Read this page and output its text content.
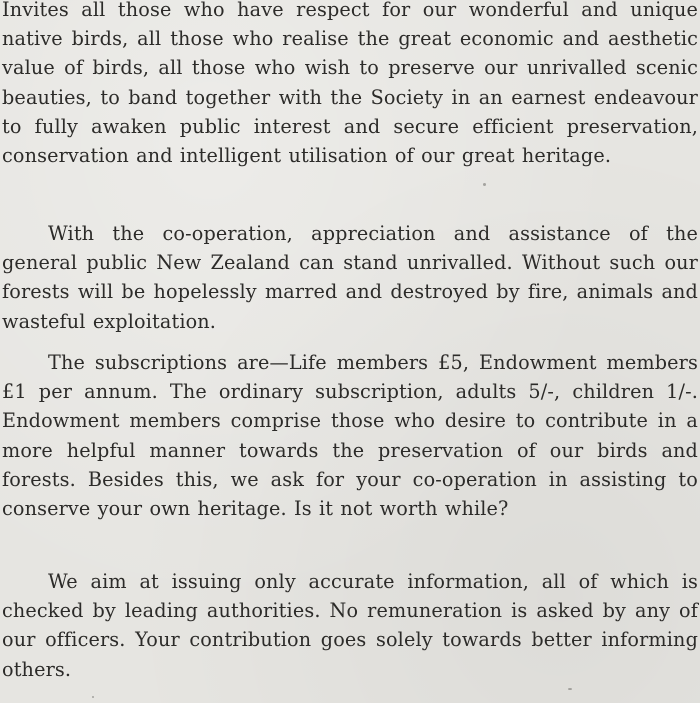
Invites all those who have respect for our wonderful and unique native birds, all those who realise the great economic and aesthetic value of birds, all those who wish to preserve our unrivalled scenic beauties, to band together with the Society in an earnest endeavour to fully awaken public interest and secure efficient preservation, conservation and intelligent utilisation of our great heritage.

With the co-operation, appreciation and assistance of the general public New Zealand can stand unrivalled. Without such our forests will be hopelessly marred and destroyed by fire, animals and wasteful exploitation.

The subscriptions are—Life members £5, Endowment members £1 per annum. The ordinary subscription, adults 5/-, children 1/-. Endowment members comprise those who desire to contribute in a more helpful manner towards the preservation of our birds and forests. Besides this, we ask for your co-operation in assisting to conserve your own heritage. Is it not worth while?

We aim at issuing only accurate information, all of which is checked by leading authorities. No remuneration is asked by any of our officers. Your contribution goes solely towards better informing others.
